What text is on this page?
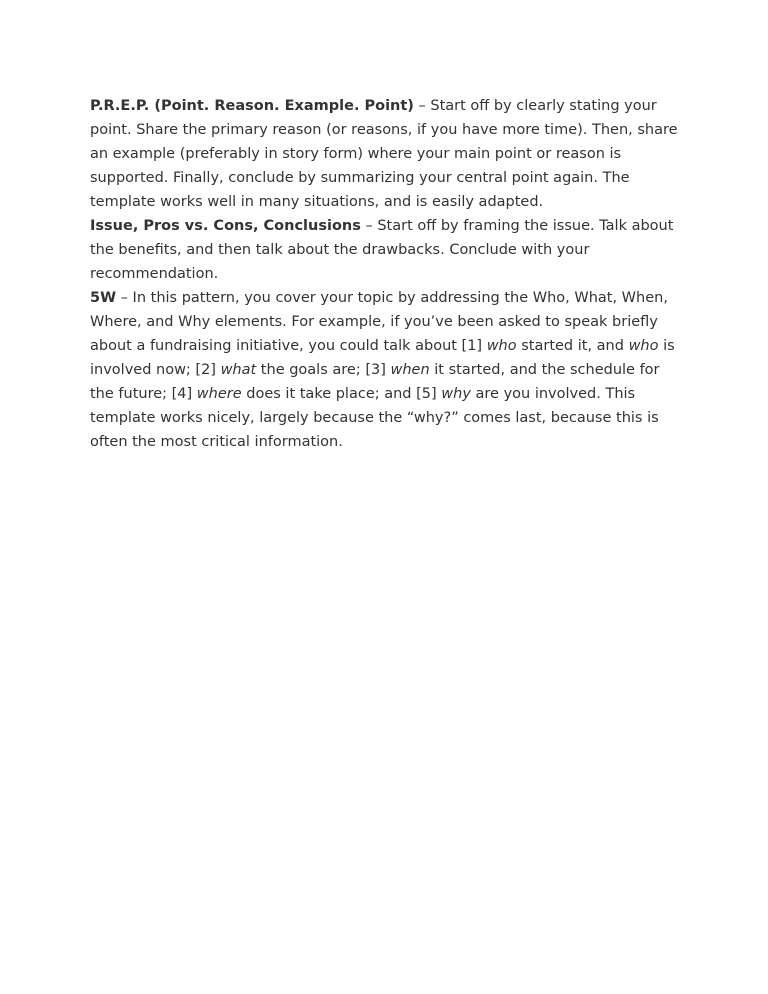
P.R.E.P. (Point. Reason. Example. Point) – Start off by clearly stating your point. Share the primary reason (or reasons, if you have more time). Then, share an example (preferably in story form) where your main point or reason is supported. Finally, conclude by summarizing your central point again. The template works well in many situations, and is easily adapted.

Issue, Pros vs. Cons, Conclusions – Start off by framing the issue. Talk about the benefits, and then talk about the drawbacks. Conclude with your recommendation.

5W – In this pattern, you cover your topic by addressing the Who, What, When, Where, and Why elements. For example, if you’ve been asked to speak briefly about a fundraising initiative, you could talk about [1] who started it, and who is involved now; [2] what the goals are; [3] when it started, and the schedule for the future; [4] where does it take place; and [5] why are you involved. This template works nicely, largely because the “why?” comes last, because this is often the most critical information.
